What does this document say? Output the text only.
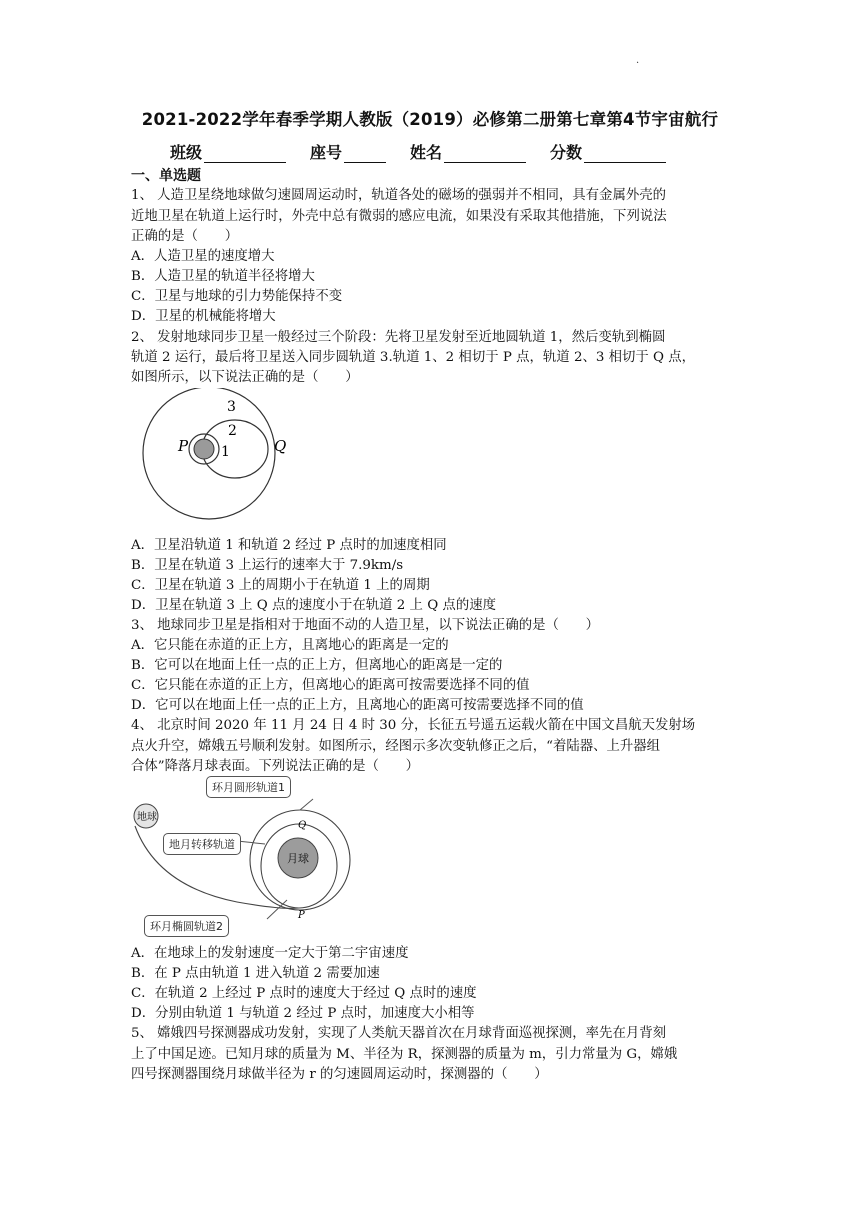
·
2021-2022学年春季学期人教版（2019）必修第二册第七章第4节宇宙航行
班级	座号	姓名	分数
一、单选题
1、 人造卫星绕地球做匀速圆周运动时，轨道各处的磁场的强弱并不相同，具有金属外壳的
近地卫星在轨道上运行时，外壳中总有微弱的感应电流，如果没有采取其他措施，下列说法
正确的是（　　）
A．人造卫星的速度增大
B．人造卫星的轨道半径将增大
C．卫星与地球的引力势能保持不变
D．卫星的机械能将增大
2、 发射地球同步卫星一般经过三个阶段：先将卫星发射至近地圆轨道 1，然后变轨到椭圆
轨道 2 运行，最后将卫星送入同步圆轨道 3.轨道 1、2 相切于 P 点，轨道 2、3 相切于 Q 点，
如图所示，以下说法正确的是（　　）
P 1
2
3
Q
A．卫星沿轨道 1 和轨道 2 经过 P 点时的加速度相同
B．卫星在轨道 3 上运行的速率大于 7.9km/s
C．卫星在轨道 3 上的周期小于在轨道 1 上的周期
D．卫星在轨道 3 上 Q 点的速度小于在轨道 2 上 Q 点的速度
3、 地球同步卫星是指相对于地面不动的人造卫星，以下说法正确的是（　　）
A．它只能在赤道的正上方，且离地心的距离是一定的
B．它可以在地面上任一点的正上方，但离地心的距离是一定的
C．它只能在赤道的正上方，但离地心的距离可按需要选择不同的值
D．它可以在地面上任一点的正上方，且离地心的距离可按需要选择不同的值
4、 北京时间 2020 年 11 月 24 日 4 时 30 分，长征五号遥五运载火箭在中国文昌航天发射场
点火升空，嫦娥五号顺利发射。如图所示，经图示多次变轨修正之后，“着陆器、上升器组
合体”降落月球表面。下列说法正确的是（　　）
地球
月球
Q
P
环月圆形轨道1
地月转移轨道
环月椭圆轨道2
A．在地球上的发射速度一定大于第二宇宙速度
B．在 P 点由轨道 1 进入轨道 2 需要加速
C．在轨道 2 上经过 P 点时的速度大于经过 Q 点时的速度
D．分别由轨道 1 与轨道 2 经过 P 点时，加速度大小相等
5、 嫦娥四号探测器成功发射，实现了人类航天器首次在月球背面巡视探测，率先在月背刻
上了中国足迹。已知月球的质量为 M、半径为 R，探测器的质量为 m，引力常量为 G，嫦娥
四号探测器围绕月球做半径为 r 的匀速圆周运动时，探测器的（　　）
